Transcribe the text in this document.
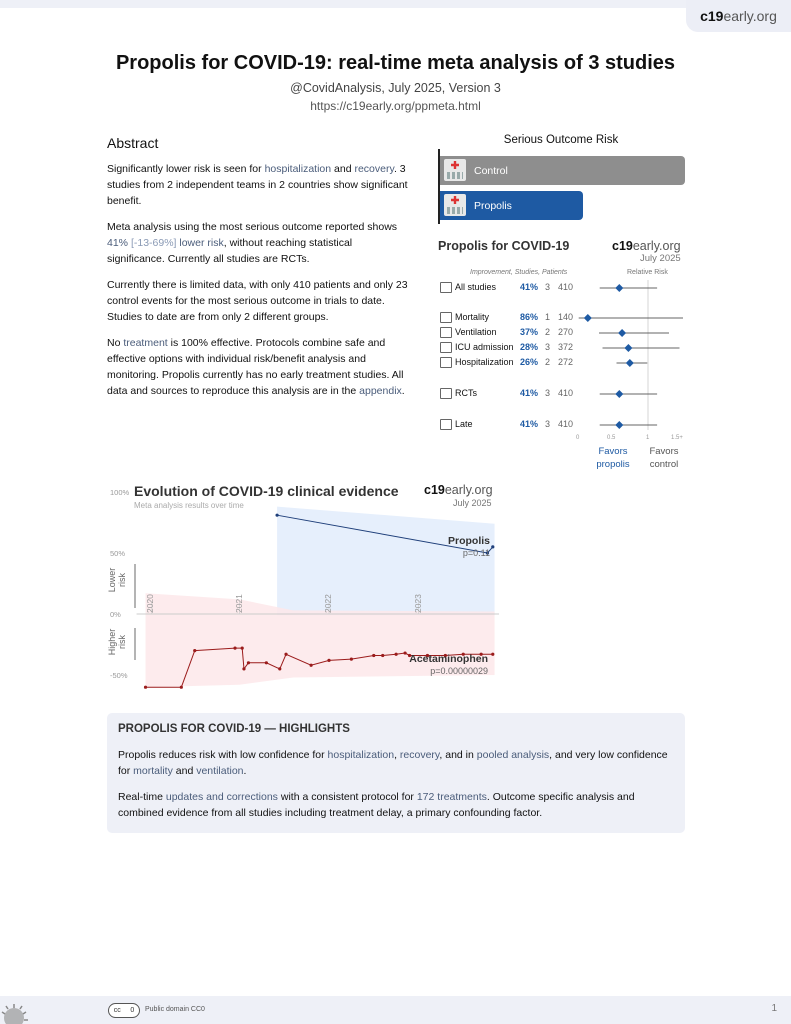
c19 early.org
Propolis for COVID-19: real-time meta analysis of 3 studies
@CovidAnalysis, July 2025, Version 3
https://c19early.org/ppmeta.html
Abstract

Significantly lower risk is seen for hospitalization and recovery. 3 studies from 2 independent teams in 2 countries show significant benefit.

Meta analysis using the most serious outcome reported shows 41% [-13-69%] lower risk, without reaching statistical significance. Currently all studies are RCTs.

Currently there is limited data, with only 410 patients and only 23 control events for the most serious outcome in trials to date. Studies to date are from only 2 different groups.

No treatment is 100% effective. Protocols combine safe and effective options with individual risk/benefit analysis and monitoring. Propolis currently has no early treatment studies. All data and sources to reproduce this analysis are in the appendix.

Serious Outcome Risk
Control
Propolis
Propolis for COVID-19	c19early.org
July 2025
Improvement, Studies, Patients	Relative Risk
All studies	41% 3 410
Mortality	86% 1 140
Ventilation	37% 2 270
ICU admission 28% 3 372
Hospitalization 26% 2 272
RCTs	41% 3 410
Late	41% 3 410
0	0.5	1	1.5+
Favors
propolis
Favors
control
Evolution of COVID-19 clinical evidence
Meta analysis results over time
c19early.org
July 2025
100%
50%
0%
-50%
Lower risk
Higher risk
2020	2021	2022	2023
Propolis
p=0.11
Acetaminophen
p=0.00000029
PROPOLIS FOR COVID-19 — HIGHLIGHTS

Propolis reduces risk with low confidence for hospitalization, recovery, and in pooled analysis, and very low confidence for mortality and ventilation.

Real-time updates and corrections with a consistent protocol for 172 treatments. Outcome specific analysis and combined evidence from all studies including treatment delay, a primary confounding factor.

cc 0 Public domain CC0	1
